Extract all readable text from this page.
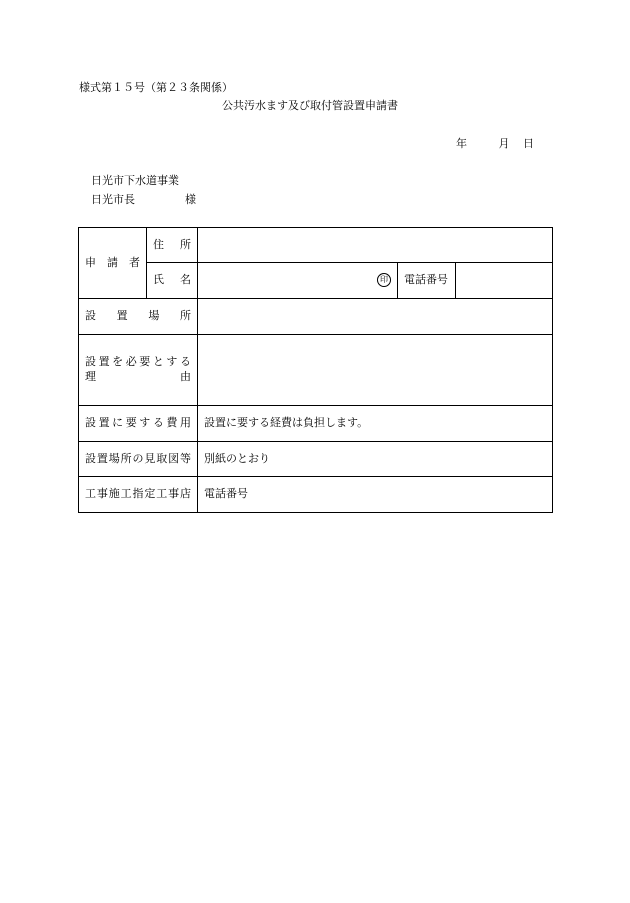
様式第１５号（第２３条関係）
公共汚水ます及び取付管設置申請書
年	月 日
日光市下水道事業
日光市長	様
申　請　者	住　所			
	氏　名	印	電話番号	
設　置　場　所				

設置を必要とする
理　　　　　由				

設置に要する費用		設置に要する経費は負担します。		
設置場所の見取図等		別紙のとおり		
工事施工指定工事店		電話番号		
